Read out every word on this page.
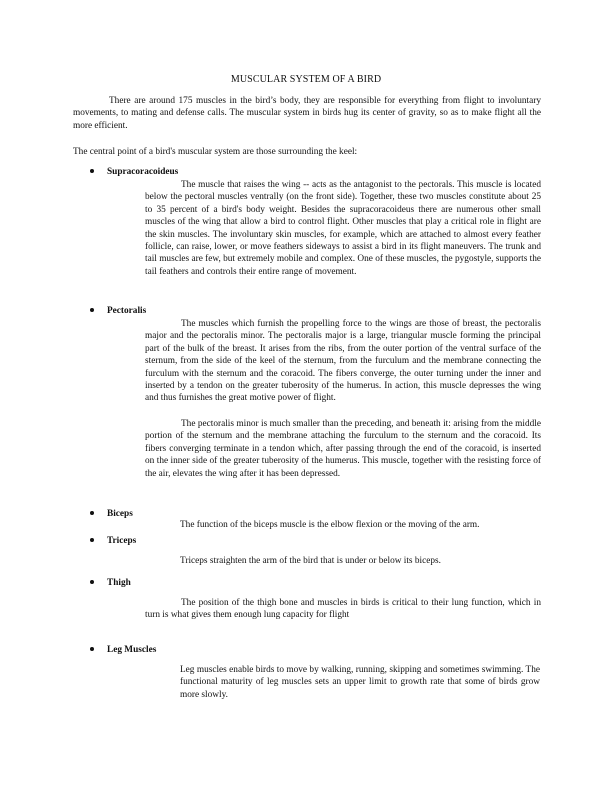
MUSCULAR SYSTEM OF A BIRD

There are around 175 muscles in the bird’s body, they are responsible for everything from flight to involuntary movements, to mating and defense calls. The muscular system in birds hug its center of gravity, so as to make flight all the more efficient.

The central point of a bird's muscular system are those surrounding the keel:

Supracoracoideus

The muscle that raises the wing -- acts as the antagonist to the pectorals. This muscle is located below the pectoral muscles ventrally (on the front side). Together, these two muscles constitute about 25 to 35 percent of a bird's body weight. Besides the supracoracoideus there are numerous other small muscles of the wing that allow a bird to control flight. Other muscles that play a critical role in flight are the skin muscles. The involuntary skin muscles, for example, which are attached to almost every feather follicle, can raise, lower, or move feathers sideways to assist a bird in its flight maneuvers. The trunk and tail muscles are few, but extremely mobile and complex. One of these muscles, the pygostyle, supports the tail feathers and controls their entire range of movement.

Pectoralis

The muscles which furnish the propelling force to the wings are those of breast, the pectoralis major and the pectoralis minor. The pectoralis major is a large, triangular muscle forming the principal part of the bulk of the breast. It arises from the ribs, from the outer portion of the ventral surface of the sternum, from the side of the keel of the sternum, from the furculum and the membrane connecting the furculum with the sternum and the coracoid. The fibers converge, the outer turning under the inner and inserted by a tendon on the greater tuberosity of the humerus. In action, this muscle depresses the wing and thus furnishes the great motive power of flight.

The pectoralis minor is much smaller than the preceding, and beneath it: arising from the middle portion of the sternum and the membrane attaching the furculum to the sternum and the coracoid. Its fibers converging terminate in a tendon which, after passing through the end of the coracoid, is inserted on the inner side of the greater tuberosity of the humerus. This muscle, together with the resisting force of the air, elevates the wing after it has been depressed.

Biceps

The function of the biceps muscle is the elbow flexion or the moving of the arm.

Triceps

Triceps straighten the arm of the bird that is under or below its biceps.

Thigh

The position of the thigh bone and muscles in birds is critical to their lung function, which in turn is what gives them enough lung capacity for flight

Leg Muscles

Leg muscles enable birds to move by walking, running, skipping and sometimes swimming. The functional maturity of leg muscles sets an upper limit to growth rate that some of birds grow more slowly.
